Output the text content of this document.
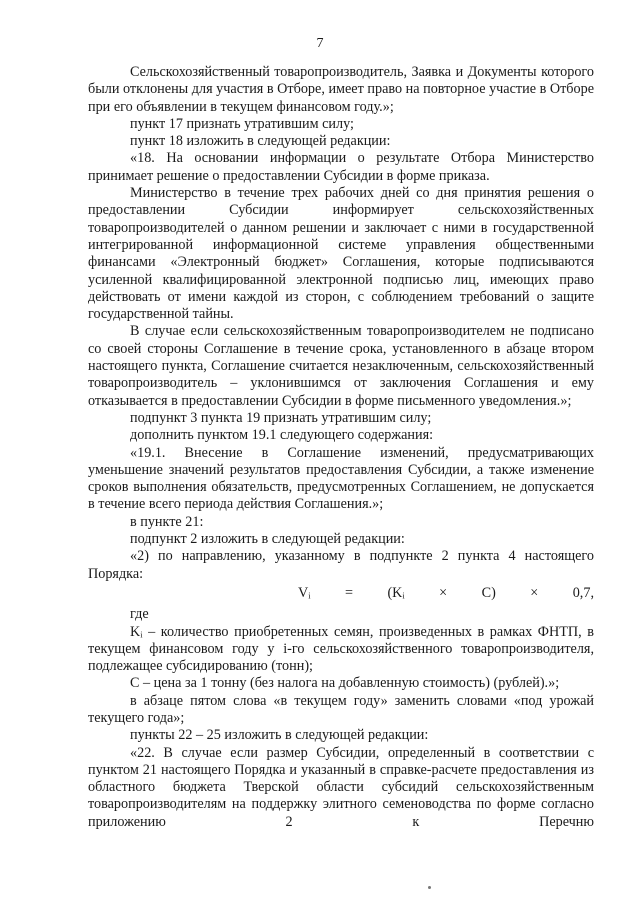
7

Сельскохозяйственный товаропроизводитель, Заявка и Документы которого были отклонены для участия в Отборе, имеет право на повторное участие в Отборе при его объявлении в текущем финансовом году.»;

пункт 17 признать утратившим силу;

пункт 18 изложить в следующей редакции:

«18. На основании информации о результате Отбора Министерство принимает решение о предоставлении Субсидии в форме приказа.

Министерство в течение трех рабочих дней со дня принятия решения о предоставлении Субсидии информирует сельскохозяйственных товаропроизводителей о данном решении и заключает с ними в государственной интегрированной информационной системе управления общественными финансами «Электронный бюджет» Соглашения, которые подписываются усиленной квалифицированной электронной подписью лиц, имеющих право действовать от имени каждой из сторон, с соблюдением требований о защите государственной тайны.

В случае если сельскохозяйственным товаропроизводителем не подписано со своей стороны Соглашение в течение срока, установленного в абзаце втором настоящего пункта, Соглашение считается незаключенным, сельскохозяйственный товаропроизводитель – уклонившимся от заключения Соглашения и ему отказывается в предоставлении Субсидии в форме письменного уведомления.»;

подпункт 3 пункта 19 признать утратившим силу;

дополнить пунктом 19.1 следующего содержания:

«19.1. Внесение в Соглашение изменений, предусматривающих уменьшение значений результатов предоставления Субсидии, а также изменение сроков выполнения обязательств, предусмотренных Соглашением, не допускается в течение всего периода действия Соглашения.»;

в пункте 21:

подпункт 2 изложить в следующей редакции:

«2) по направлению, указанному в подпункте 2 пункта 4 настоящего Порядка:

Vᵢ = (Kᵢ × C) × 0,7,

где

Kᵢ – количество приобретенных семян, произведенных в рамках ФНТП, в текущем финансовом году у i-го сельскохозяйственного товаропроизводителя, подлежащее субсидированию (тонн);

С – цена за 1 тонну (без налога на добавленную стоимость) (рублей).»;

в абзаце пятом слова «в текущем году» заменить словами «под урожай текущего года»;

пункты 22 – 25 изложить в следующей редакции:

«22. В случае если размер Субсидии, определенный в соответствии с пунктом 21 настоящего Порядка и указанный в справке-расчете предоставления из областного бюджета Тверской области субсидий сельскохозяйственным товаропроизводителям на поддержку элитного семеноводства по форме согласно приложению 2 к Перечню
